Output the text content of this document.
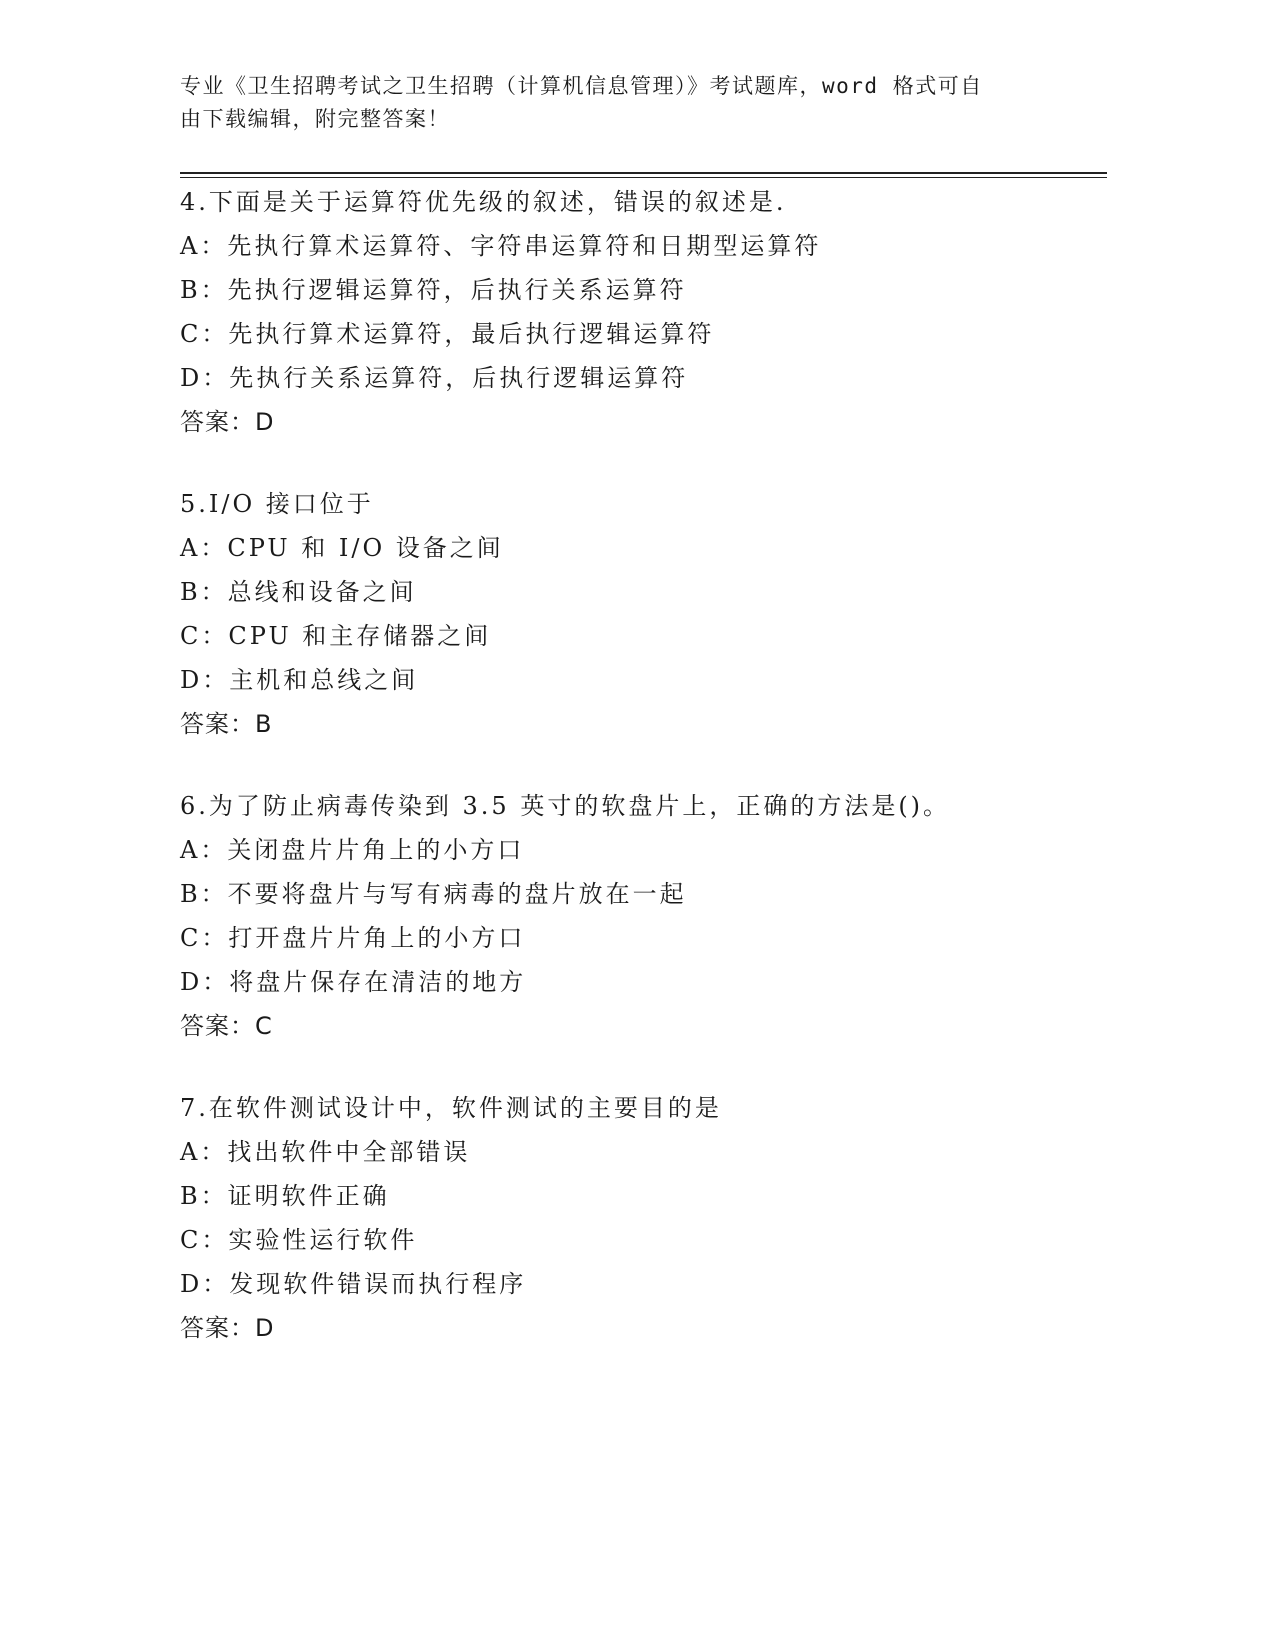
专业《卫生招聘考试之卫生招聘（计算机信息管理）》考试题库，word 格式可自
由下载编辑，附完整答案！
4.下面是关于运算符优先级的叙述，错误的叙述是.
A：先执行算术运算符、字符串运算符和日期型运算符
B：先执行逻辑运算符，后执行关系运算符
C：先执行算术运算符，最后执行逻辑运算符
D：先执行关系运算符，后执行逻辑运算符
答案：D
5.I/O 接口位于
A：CPU 和 I/O 设备之间
B：总线和设备之间
C：CPU 和主存储器之间
D：主机和总线之间
答案：B
6.为了防止病毒传染到 3.5 英寸的软盘片上，正确的方法是()。
A：关闭盘片片角上的小方口
B：不要将盘片与写有病毒的盘片放在一起
C：打开盘片片角上的小方口
D：将盘片保存在清洁的地方
答案：C
7.在软件测试设计中，软件测试的主要目的是
A：找出软件中全部错误
B：证明软件正确
C：实验性运行软件
D：发现软件错误而执行程序
答案：D
